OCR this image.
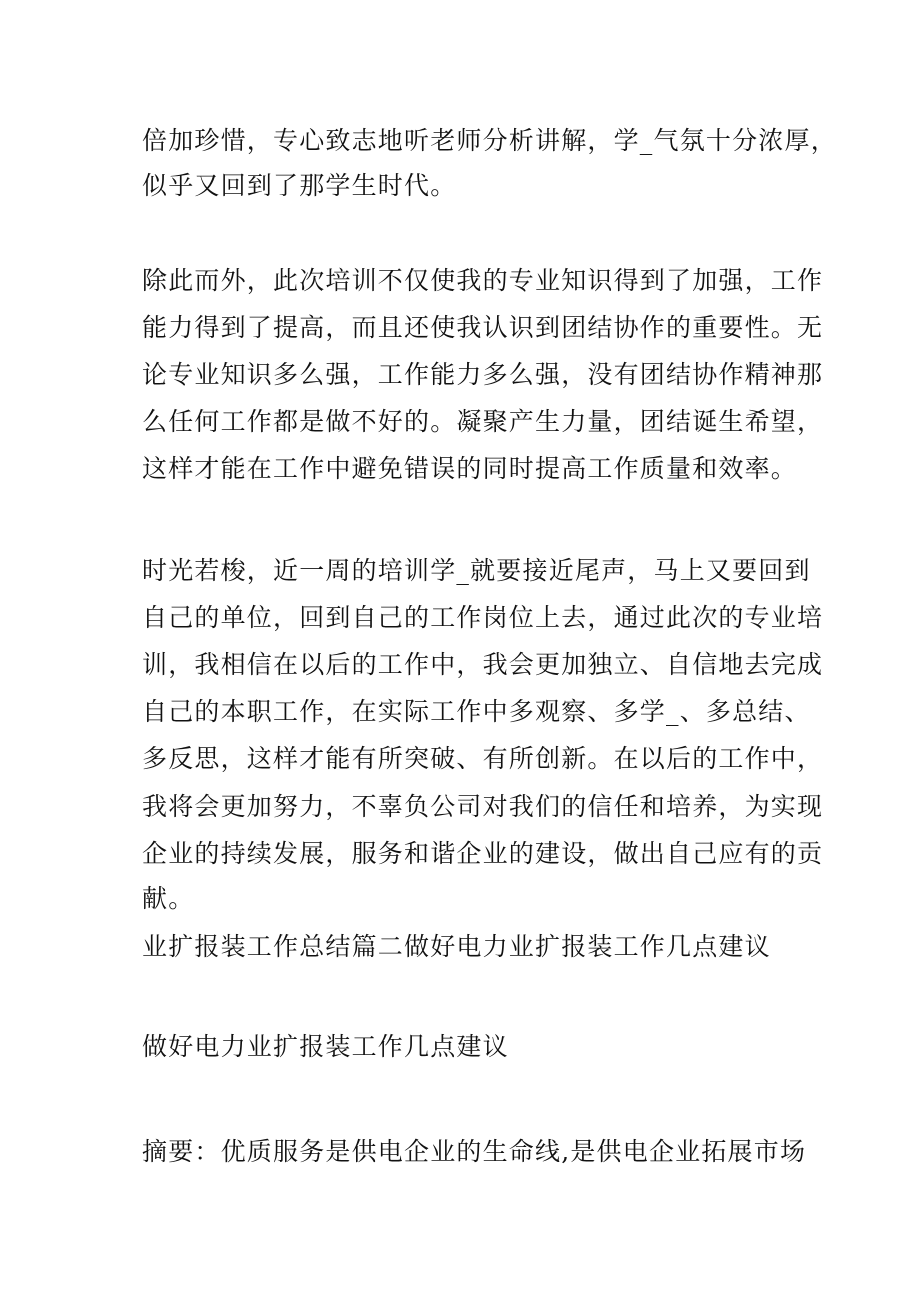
倍加珍惜，专心致志地听老师分析讲解，学_气氛十分浓厚，
似乎又回到了那学生时代。
除此而外，此次培训不仅使我的专业知识得到了加强，工作
能力得到了提高，而且还使我认识到团结协作的重要性。无
论专业知识多么强，工作能力多么强，没有团结协作精神那
么任何工作都是做不好的。凝聚产生力量，团结诞生希望，
这样才能在工作中避免错误的同时提高工作质量和效率。
时光若梭，近一周的培训学_就要接近尾声，马上又要回到
自己的单位，回到自己的工作岗位上去，通过此次的专业培
训，我相信在以后的工作中，我会更加独立、自信地去完成
自己的本职工作，在实际工作中多观察、多学_、多总结、
多反思，这样才能有所突破、有所创新。在以后的工作中，
我将会更加努力，不辜负公司对我们的信任和培养，为实现
企业的持续发展，服务和谐企业的建设，做出自己应有的贡
献。
业扩报装工作总结篇二做好电力业扩报装工作几点建议
做好电力业扩报装工作几点建议
摘要：优质服务是供电企业的生命线,是供电企业拓展市场
